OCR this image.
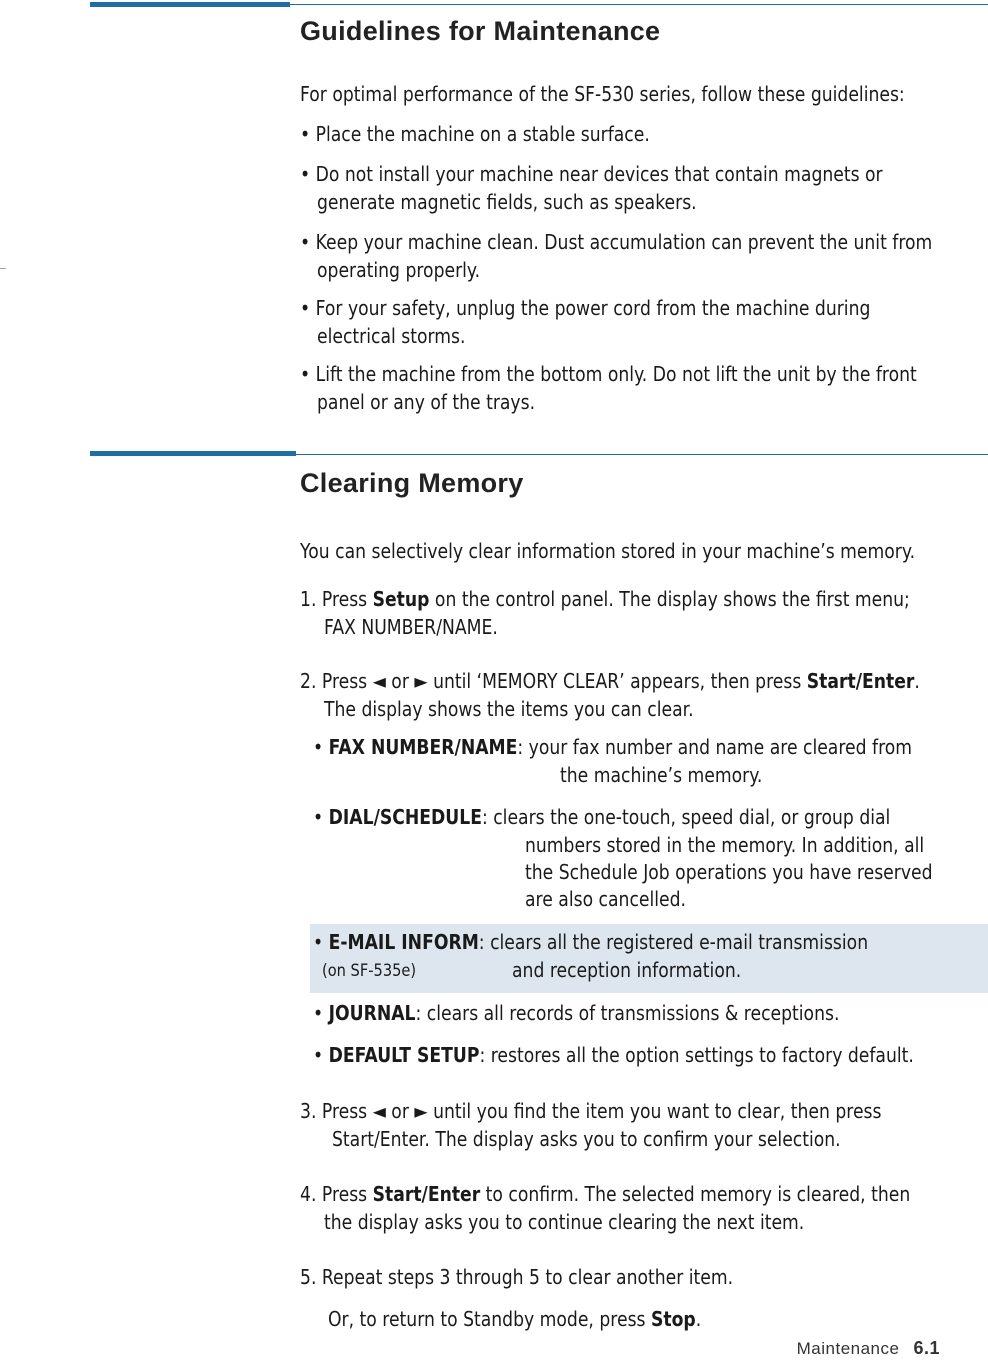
Guidelines for Maintenance
For optimal performance of the SF-530 series, follow these guidelines:
• Place the machine on a stable surface.
• Do not install your machine near devices that contain magnets or
generate magnetic fields, such as speakers.
• Keep your machine clean. Dust accumulation can prevent the unit from
operating properly.
• For your safety, unplug the power cord from the machine during
electrical storms.
• Lift the machine from the bottom only. Do not lift the unit by the front
panel or any of the trays.
Clearing Memory
You can selectively clear information stored in your machine’s memory.
1. Press Setup on the control panel. The display shows the first menu;
FAX NUMBER/NAME.
2. Press ◄ or ► until ‘MEMORY CLEAR’ appears, then press Start/Enter.
The display shows the items you can clear.
• FAX NUMBER/NAME: your fax number and name are cleared from
the machine’s memory.
• DIAL/SCHEDULE: clears the one-touch, speed dial, or group dial
numbers stored in the memory. In addition, all
the Schedule Job operations you have reserved
are also cancelled.
• E-MAIL INFORM: clears all the registered e-mail transmission
(on SF-535e)	and reception information.
• JOURNAL: clears all records of transmissions & receptions.
• DEFAULT SETUP: restores all the option settings to factory default.
3. Press ◄ or ► until you find the item you want to clear, then press
Start/Enter. The display asks you to confirm your selection.
4. Press Start/Enter to confirm. The selected memory is cleared, then
the display asks you to continue clearing the next item.
5. Repeat steps 3 through 5 to clear another item.
Or, to return to Standby mode, press Stop.
Maintenance 6.1
